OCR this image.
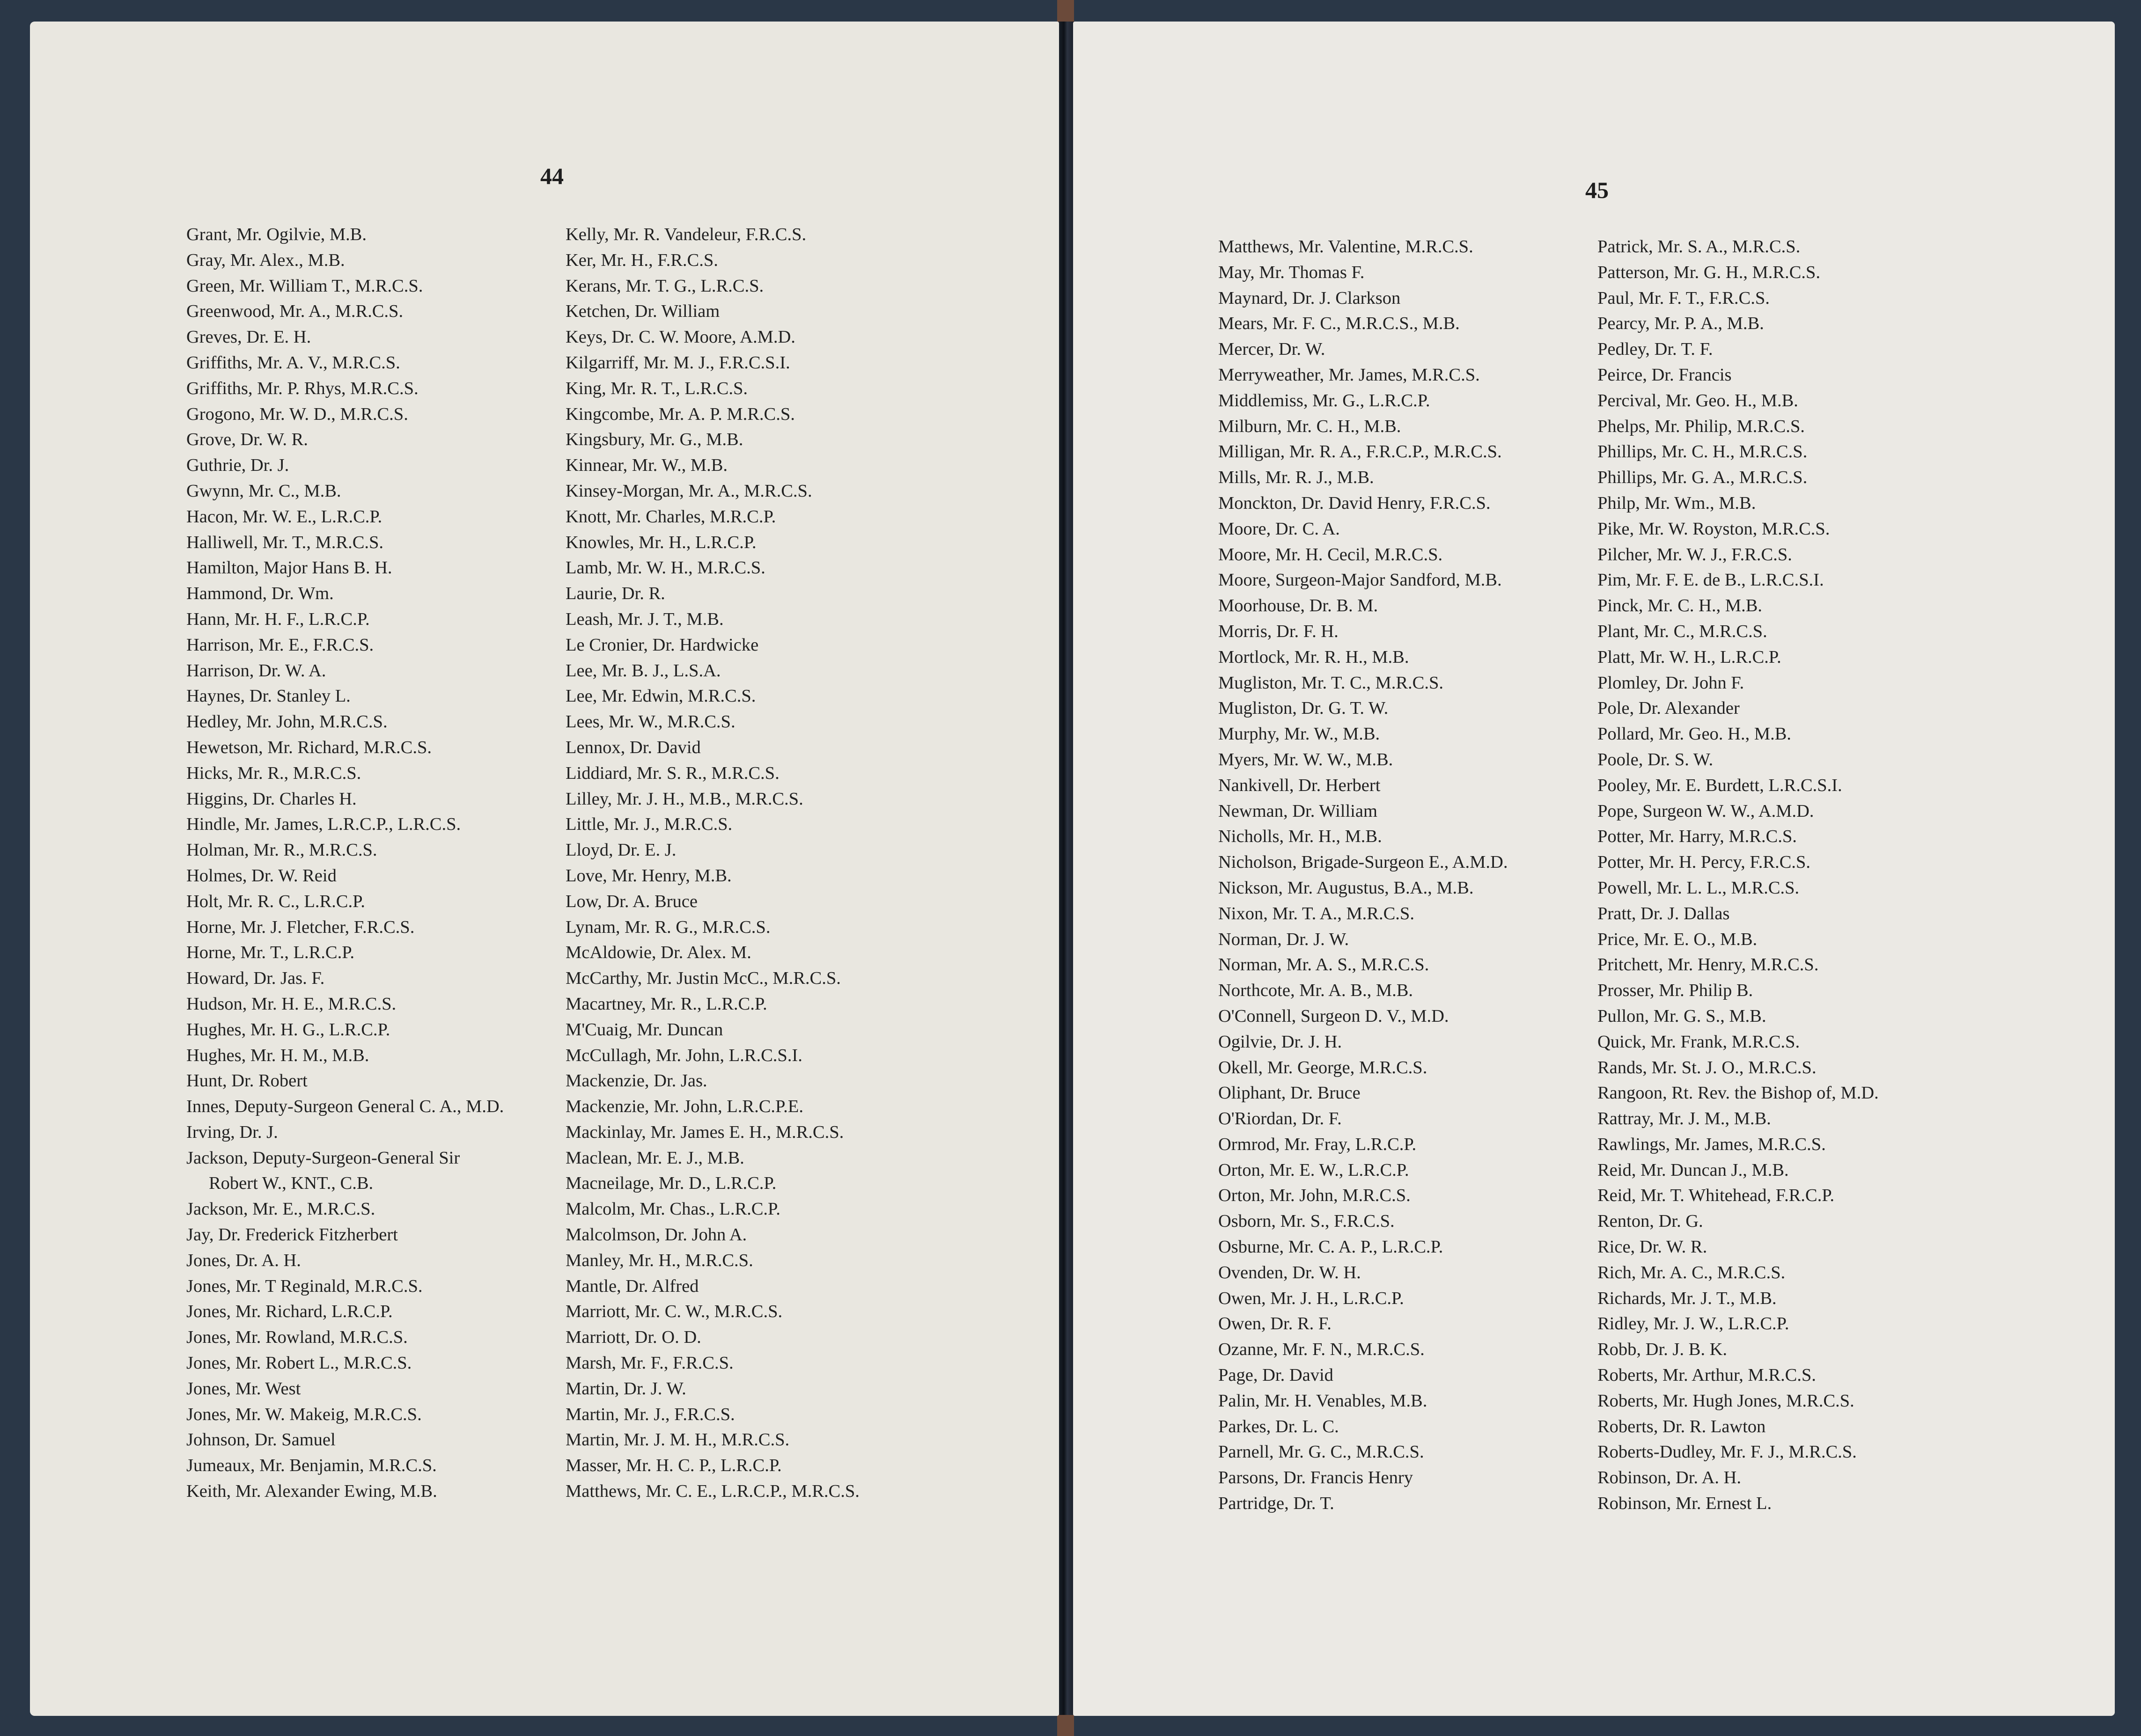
44
45
Grant, Mr. Ogilvie, M.B.
Gray, Mr. Alex., M.B.
Green, Mr. William T., M.R.C.S.
Greenwood, Mr. A., M.R.C.S.
Greves, Dr. E. H.
Griffiths, Mr. A. V., M.R.C.S.
Griffiths, Mr. P. Rhys, M.R.C.S.
Grogono, Mr. W. D., M.R.C.S.
Grove, Dr. W. R.
Guthrie, Dr. J.
Gwynn, Mr. C., M.B.
Hacon, Mr. W. E., L.R.C.P.
Halliwell, Mr. T., M.R.C.S.
Hamilton, Major Hans B. H.
Hammond, Dr. Wm.
Hann, Mr. H. F., L.R.C.P.
Harrison, Mr. E., F.R.C.S.
Harrison, Dr. W. A.
Haynes, Dr. Stanley L.
Hedley, Mr. John, M.R.C.S.
Hewetson, Mr. Richard, M.R.C.S.
Hicks, Mr. R., M.R.C.S.
Higgins, Dr. Charles H.
Hindle, Mr. James, L.R.C.P., L.R.C.S.
Holman, Mr. R., M.R.C.S.
Holmes, Dr. W. Reid
Holt, Mr. R. C., L.R.C.P.
Horne, Mr. J. Fletcher, F.R.C.S.
Horne, Mr. T., L.R.C.P.
Howard, Dr. Jas. F.
Hudson, Mr. H. E., M.R.C.S.
Hughes, Mr. H. G., L.R.C.P.
Hughes, Mr. H. M., M.B.
Hunt, Dr. Robert
Innes, Deputy-Surgeon General C. A., M.D.
Irving, Dr. J.
Jackson, Deputy-Surgeon-General Sir
Robert W., KNT., C.B.
Jackson, Mr. E., M.R.C.S.
Jay, Dr. Frederick Fitzherbert
Jones, Dr. A. H.
Jones, Mr. T Reginald, M.R.C.S.
Jones, Mr. Richard, L.R.C.P.
Jones, Mr. Rowland, M.R.C.S.
Jones, Mr. Robert L., M.R.C.S.
Jones, Mr. West
Jones, Mr. W. Makeig, M.R.C.S.
Johnson, Dr. Samuel
Jumeaux, Mr. Benjamin, M.R.C.S.
Keith, Mr. Alexander Ewing, M.B.
Kelly, Mr. R. Vandeleur, F.R.C.S.
Ker, Mr. H., F.R.C.S.
Kerans, Mr. T. G., L.R.C.S.
Ketchen, Dr. William
Keys, Dr. C. W. Moore, A.M.D.
Kilgarriff, Mr. M. J., F.R.C.S.I.
King, Mr. R. T., L.R.C.S.
Kingcombe, Mr. A. P. M.R.C.S.
Kingsbury, Mr. G., M.B.
Kinnear, Mr. W., M.B.
Kinsey-Morgan, Mr. A., M.R.C.S.
Knott, Mr. Charles, M.R.C.P.
Knowles, Mr. H., L.R.C.P.
Lamb, Mr. W. H., M.R.C.S.
Laurie, Dr. R.
Leash, Mr. J. T., M.B.
Le Cronier, Dr. Hardwicke
Lee, Mr. B. J., L.S.A.
Lee, Mr. Edwin, M.R.C.S.
Lees, Mr. W., M.R.C.S.
Lennox, Dr. David
Liddiard, Mr. S. R., M.R.C.S.
Lilley, Mr. J. H., M.B., M.R.C.S.
Little, Mr. J., M.R.C.S.
Lloyd, Dr. E. J.
Love, Mr. Henry, M.B.
Low, Dr. A. Bruce
Lynam, Mr. R. G., M.R.C.S.
McAldowie, Dr. Alex. M.
McCarthy, Mr. Justin McC., M.R.C.S.
Macartney, Mr. R., L.R.C.P.
M'Cuaig, Mr. Duncan
McCullagh, Mr. John, L.R.C.S.I.
Mackenzie, Dr. Jas.
Mackenzie, Mr. John, L.R.C.P.E.
Mackinlay, Mr. James E. H., M.R.C.S.
Maclean, Mr. E. J., M.B.
Macneilage, Mr. D., L.R.C.P.
Malcolm, Mr. Chas., L.R.C.P.
Malcolmson, Dr. John A.
Manley, Mr. H., M.R.C.S.
Mantle, Dr. Alfred
Marriott, Mr. C. W., M.R.C.S.
Marriott, Dr. O. D.
Marsh, Mr. F., F.R.C.S.
Martin, Dr. J. W.
Martin, Mr. J., F.R.C.S.
Martin, Mr. J. M. H., M.R.C.S.
Masser, Mr. H. C. P., L.R.C.P.
Matthews, Mr. C. E., L.R.C.P., M.R.C.S.
Matthews, Mr. Valentine, M.R.C.S.
May, Mr. Thomas F.
Maynard, Dr. J. Clarkson
Mears, Mr. F. C., M.R.C.S., M.B.
Mercer, Dr. W.
Merryweather, Mr. James, M.R.C.S.
Middlemiss, Mr. G., L.R.C.P.
Milburn, Mr. C. H., M.B.
Milligan, Mr. R. A., F.R.C.P., M.R.C.S.
Mills, Mr. R. J., M.B.
Monckton, Dr. David Henry, F.R.C.S.
Moore, Dr. C. A.
Moore, Mr. H. Cecil, M.R.C.S.
Moore, Surgeon-Major Sandford, M.B.
Moorhouse, Dr. B. M.
Morris, Dr. F. H.
Mortlock, Mr. R. H., M.B.
Mugliston, Mr. T. C., M.R.C.S.
Mugliston, Dr. G. T. W.
Murphy, Mr. W., M.B.
Myers, Mr. W. W., M.B.
Nankivell, Dr. Herbert
Newman, Dr. William
Nicholls, Mr. H., M.B.
Nicholson, Brigade-Surgeon E., A.M.D.
Nickson, Mr. Augustus, B.A., M.B.
Nixon, Mr. T. A., M.R.C.S.
Norman, Dr. J. W.
Norman, Mr. A. S., M.R.C.S.
Northcote, Mr. A. B., M.B.
O'Connell, Surgeon D. V., M.D.
Ogilvie, Dr. J. H.
Okell, Mr. George, M.R.C.S.
Oliphant, Dr. Bruce
O'Riordan, Dr. F.
Ormrod, Mr. Fray, L.R.C.P.
Orton, Mr. E. W., L.R.C.P.
Orton, Mr. John, M.R.C.S.
Osborn, Mr. S., F.R.C.S.
Osburne, Mr. C. A. P., L.R.C.P.
Ovenden, Dr. W. H.
Owen, Mr. J. H., L.R.C.P.
Owen, Dr. R. F.
Ozanne, Mr. F. N., M.R.C.S.
Page, Dr. David
Palin, Mr. H. Venables, M.B.
Parkes, Dr. L. C.
Parnell, Mr. G. C., M.R.C.S.
Parsons, Dr. Francis Henry
Partridge, Dr. T.
Patrick, Mr. S. A., M.R.C.S.
Patterson, Mr. G. H., M.R.C.S.
Paul, Mr. F. T., F.R.C.S.
Pearcy, Mr. P. A., M.B.
Pedley, Dr. T. F.
Peirce, Dr. Francis
Percival, Mr. Geo. H., M.B.
Phelps, Mr. Philip, M.R.C.S.
Phillips, Mr. C. H., M.R.C.S.
Phillips, Mr. G. A., M.R.C.S.
Philp, Mr. Wm., M.B.
Pike, Mr. W. Royston, M.R.C.S.
Pilcher, Mr. W. J., F.R.C.S.
Pim, Mr. F. E. de B., L.R.C.S.I.
Pinck, Mr. C. H., M.B.
Plant, Mr. C., M.R.C.S.
Platt, Mr. W. H., L.R.C.P.
Plomley, Dr. John F.
Pole, Dr. Alexander
Pollard, Mr. Geo. H., M.B.
Poole, Dr. S. W.
Pooley, Mr. E. Burdett, L.R.C.S.I.
Pope, Surgeon W. W., A.M.D.
Potter, Mr. Harry, M.R.C.S.
Potter, Mr. H. Percy, F.R.C.S.
Powell, Mr. L. L., M.R.C.S.
Pratt, Dr. J. Dallas
Price, Mr. E. O., M.B.
Pritchett, Mr. Henry, M.R.C.S.
Prosser, Mr. Philip B.
Pullon, Mr. G. S., M.B.
Quick, Mr. Frank, M.R.C.S.
Rands, Mr. St. J. O., M.R.C.S.
Rangoon, Rt. Rev. the Bishop of, M.D.
Rattray, Mr. J. M., M.B.
Rawlings, Mr. James, M.R.C.S.
Reid, Mr. Duncan J., M.B.
Reid, Mr. T. Whitehead, F.R.C.P.
Renton, Dr. G.
Rice, Dr. W. R.
Rich, Mr. A. C., M.R.C.S.
Richards, Mr. J. T., M.B.
Ridley, Mr. J. W., L.R.C.P.
Robb, Dr. J. B. K.
Roberts, Mr. Arthur, M.R.C.S.
Roberts, Mr. Hugh Jones, M.R.C.S.
Roberts, Dr. R. Lawton
Roberts-Dudley, Mr. F. J., M.R.C.S.
Robinson, Dr. A. H.
Robinson, Mr. Ernest L.
